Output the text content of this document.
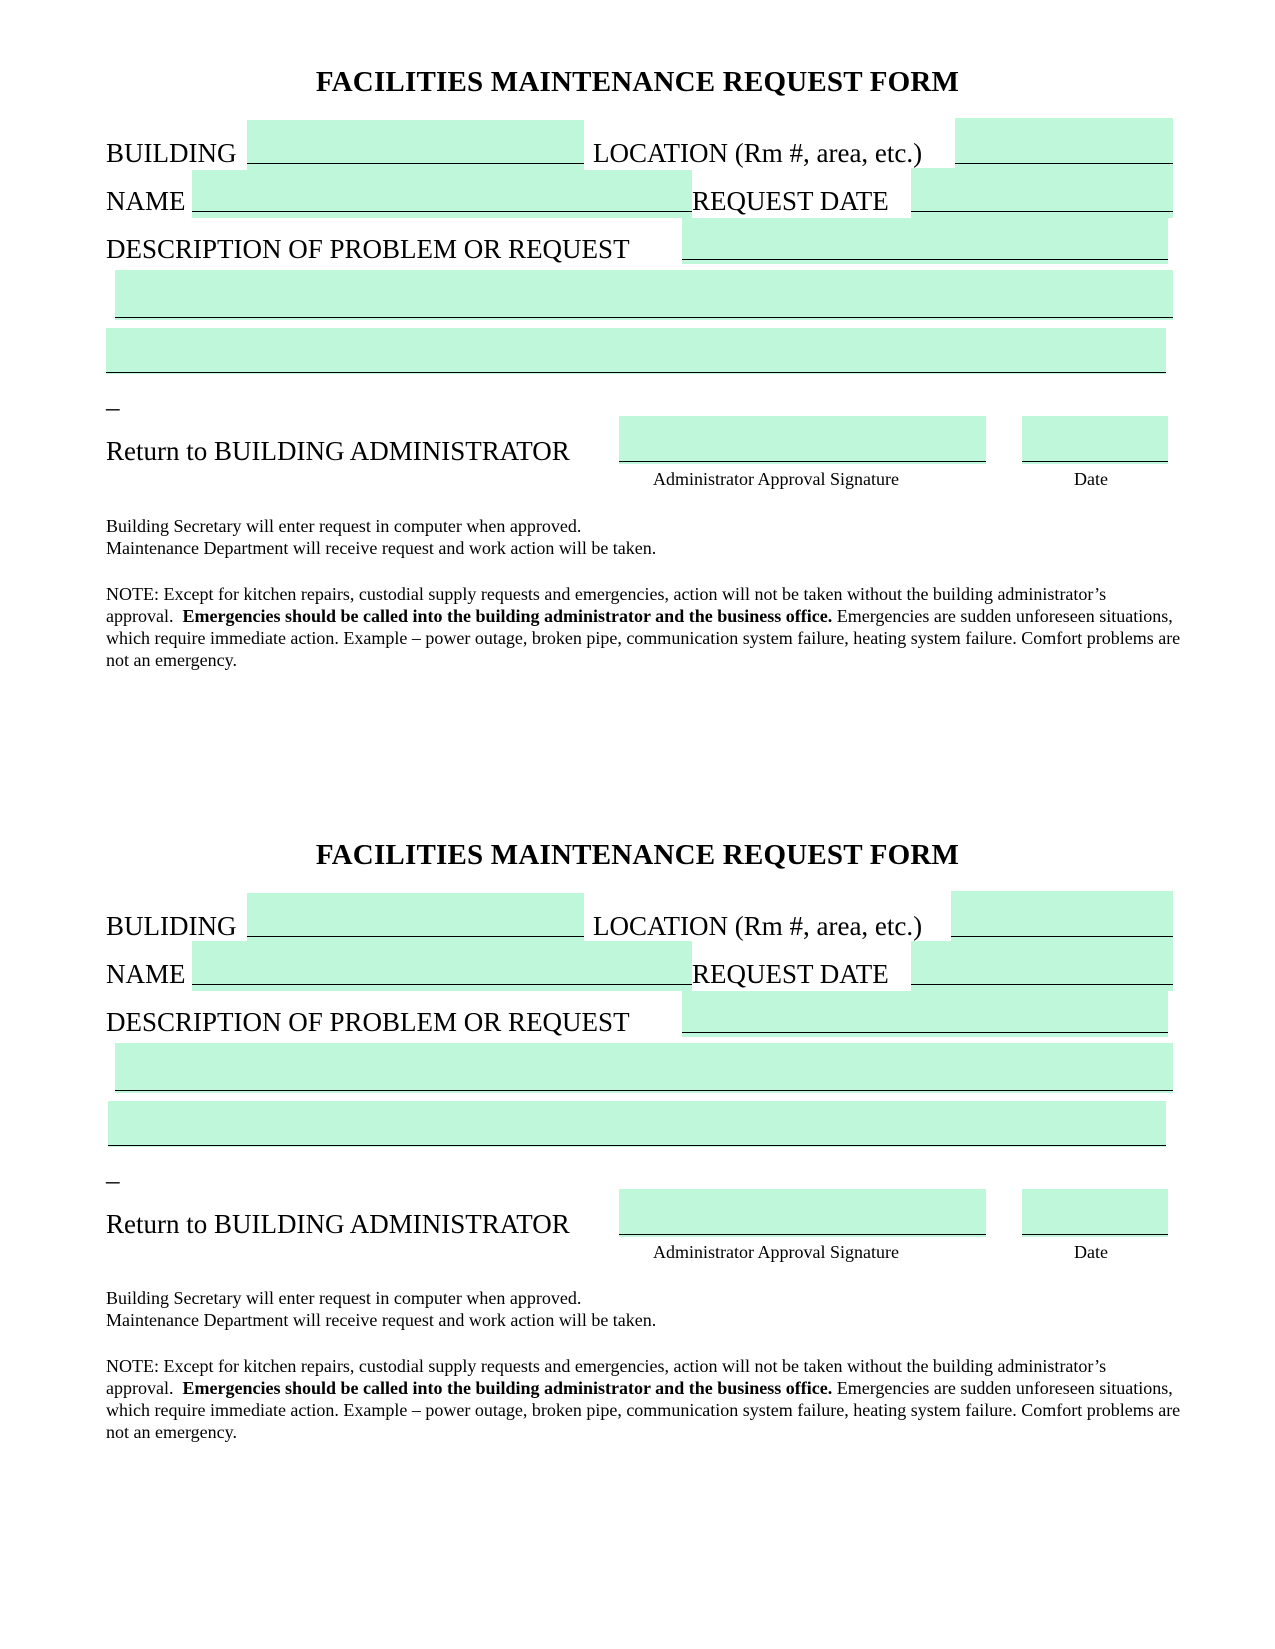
FACILITIES MAINTENANCE REQUEST FORM
BUILDING	LOCATION (Rm #, area, etc.)
NAME	REQUEST DATE
DESCRIPTION OF PROBLEM OR REQUEST
_
Return to BUILDING ADMINISTRATOR
Administrator Approval Signature	Date
Building Secretary will enter request in computer when approved.
Maintenance Department will receive request and work action will be taken.
NOTE: Except for kitchen repairs, custodial supply requests and emergencies, action will not be taken without the building administrator’s approval. Emergencies should be called into the building administrator and the business office. Emergencies are sudden unforeseen situations, which require immediate action. Example – power outage, broken pipe, communication system failure, heating system failure. Comfort problems are not an emergency.
FACILITIES MAINTENANCE REQUEST FORM
BULIDING	LOCATION (Rm #, area, etc.)
NAME	REQUEST DATE
DESCRIPTION OF PROBLEM OR REQUEST
_
Return to BUILDING ADMINISTRATOR
Administrator Approval Signature	Date
Building Secretary will enter request in computer when approved.
Maintenance Department will receive request and work action will be taken.
NOTE: Except for kitchen repairs, custodial supply requests and emergencies, action will not be taken without the building administrator’s approval. Emergencies should be called into the building administrator and the business office. Emergencies are sudden unforeseen situations, which require immediate action. Example – power outage, broken pipe, communication system failure, heating system failure. Comfort problems are not an emergency.
